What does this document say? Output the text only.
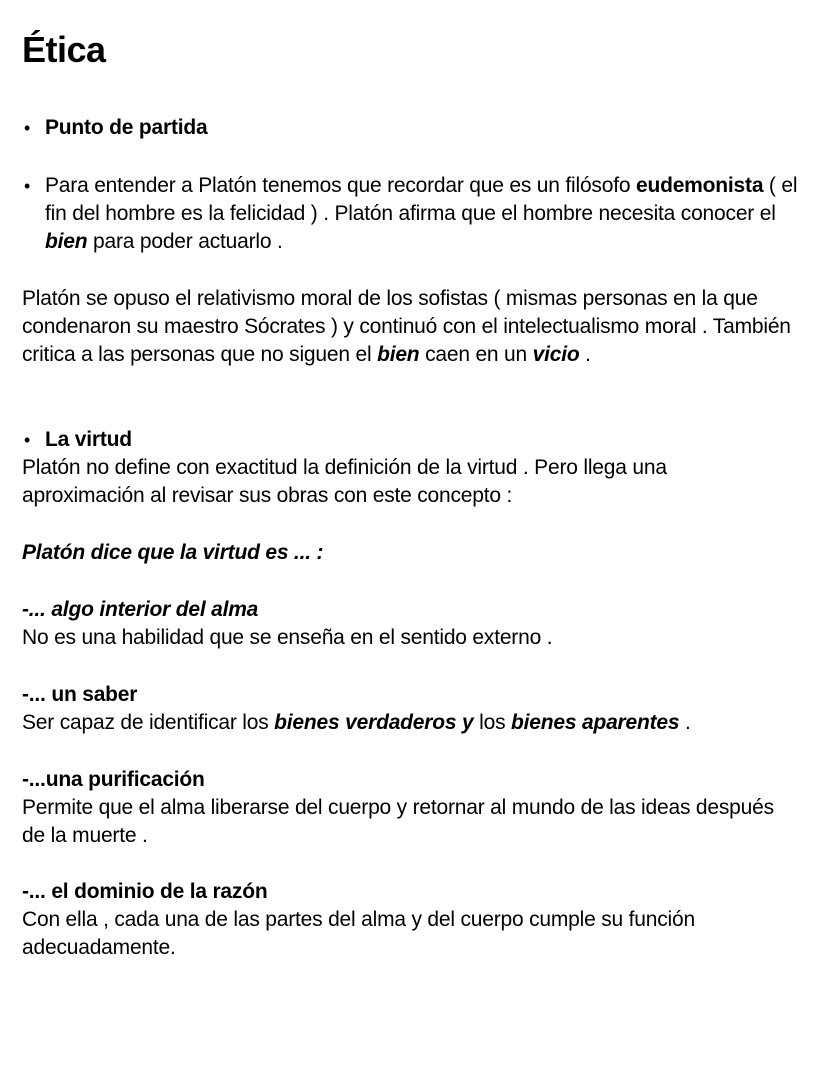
Ética
• Punto de partida
• Para entender a Platón tenemos que recordar que es un filósofo eudemonista ( el fin del hombre es la felicidad ) . Platón afirma que el hombre necesita conocer el bien para poder actuarlo .

Platón se opuso el relativismo moral de los sofistas ( mismas personas en la que condenaron su maestro Sócrates ) y continuó con el intelectualismo moral . También critica a las personas que no siguen el bien caen en un vicio .

• La virtud

Platón no define con exactitud la definición de la virtud . Pero llega una aproximación al revisar sus obras con este concepto :

Platón dice que la virtud es ... :

-... algo interior del alma

No es una habilidad que se enseña en el sentido externo .

-... un saber

Ser capaz de identificar los bienes verdaderos y los bienes aparentes .

-...una purificación

Permite que el alma liberarse del cuerpo y retornar al mundo de las ideas después de la muerte .

-... el dominio de la razón

Con ella , cada una de las partes del alma y del cuerpo cumple su función adecuadamente.
